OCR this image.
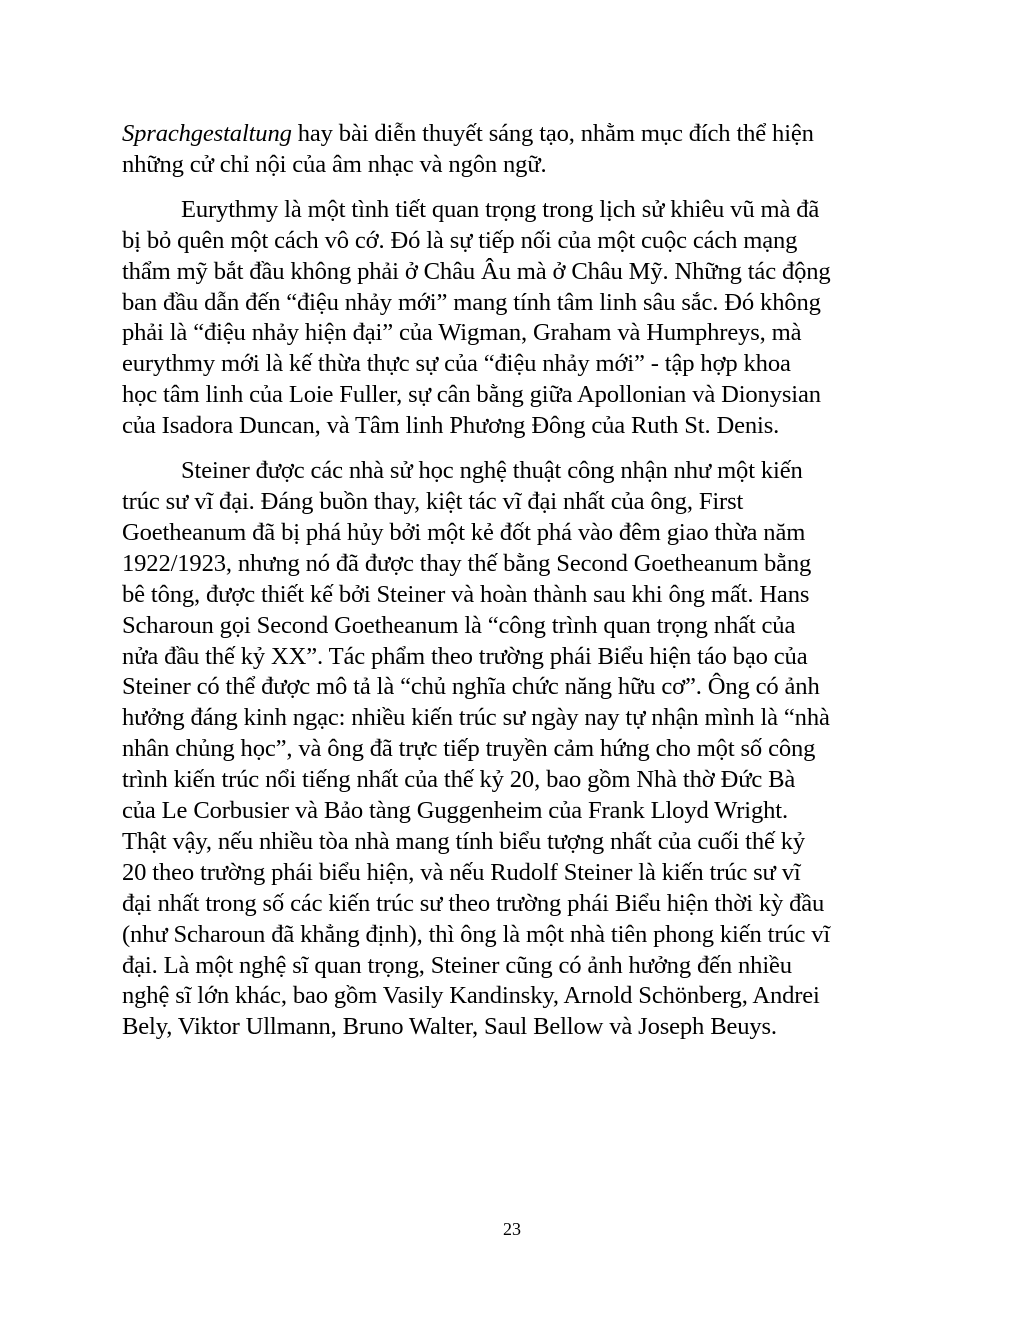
Sprachgestaltung hay bài diễn thuyết sáng tạo, nhằm mục đích thể hiện
những cử chỉ nội của âm nhạc và ngôn ngữ.

Eurythmy là một tình tiết quan trọng trong lịch sử khiêu vũ mà đã
bị bỏ quên một cách vô cớ. Đó là sự tiếp nối của một cuộc cách mạng
thẩm mỹ bắt đầu không phải ở Châu Âu mà ở Châu Mỹ. Những tác động
ban đầu dẫn đến “điệu nhảy mới” mang tính tâm linh sâu sắc. Đó không
phải là “điệu nhảy hiện đại” của Wigman, Graham và Humphreys, mà
eurythmy mới là kế thừa thực sự của “điệu nhảy mới” - tập hợp khoa
học tâm linh của Loie Fuller, sự cân bằng giữa Apollonian và Dionysian
của Isadora Duncan, và Tâm linh Phương Đông của Ruth St. Denis.

Steiner được các nhà sử học nghệ thuật công nhận như một kiến
trúc sư vĩ đại. Đáng buồn thay, kiệt tác vĩ đại nhất của ông, First
Goetheanum đã bị phá hủy bởi một kẻ đốt phá vào đêm giao thừa năm
1922/1923, nhưng nó đã được thay thế bằng Second Goetheanum bằng
bê tông, được thiết kế bởi Steiner và hoàn thành sau khi ông mất. Hans
Scharoun gọi Second Goetheanum là “công trình quan trọng nhất của
nửa đầu thế kỷ XX”. Tác phẩm theo trường phái Biểu hiện táo bạo của
Steiner có thể được mô tả là “chủ nghĩa chức năng hữu cơ”. Ông có ảnh
hưởng đáng kinh ngạc: nhiều kiến trúc sư ngày nay tự nhận mình là “nhà
nhân chủng học”, và ông đã trực tiếp truyền cảm hứng cho một số công
trình kiến trúc nổi tiếng nhất của thế kỷ 20, bao gồm Nhà thờ Đức Bà
của Le Corbusier và Bảo tàng Guggenheim của Frank Lloyd Wright.
Thật vậy, nếu nhiều tòa nhà mang tính biểu tượng nhất của cuối thế kỷ
20 theo trường phái biểu hiện, và nếu Rudolf Steiner là kiến trúc sư vĩ
đại nhất trong số các kiến trúc sư theo trường phái Biểu hiện thời kỳ đầu
(như Scharoun đã khẳng định), thì ông là một nhà tiên phong kiến trúc vĩ
đại. Là một nghệ sĩ quan trọng, Steiner cũng có ảnh hưởng đến nhiều
nghệ sĩ lớn khác, bao gồm Vasily Kandinsky, Arnold Schönberg, Andrei
Bely, Viktor Ullmann, Bruno Walter, Saul Bellow và Joseph Beuys.

23
